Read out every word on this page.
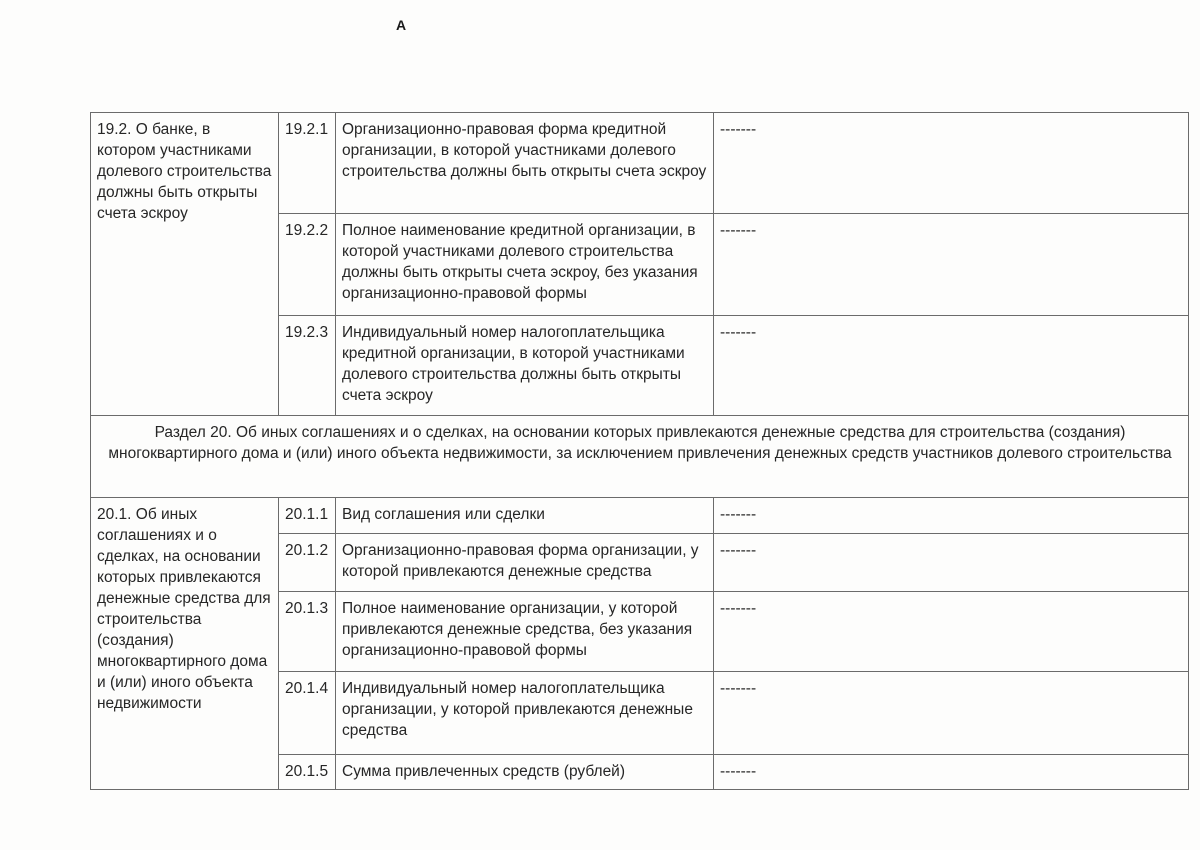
A
19.2. О банке, в котором участниками долевого строительства должны быть открыты счета эскроу	19.2.1	Организационно-правовая форма кредитной организации, в которой участниками долевого строительства должны быть открыты счета эскроу	-------
	19.2.2	Полное наименование кредитной организации, в которой участниками долевого строительства должны быть открыты счета эскроу, без указания организационно-правовой формы	-------
	19.2.3	Индивидуальный номер налогоплательщика кредитной организации, в которой участниками долевого строительства должны быть открыты счета эскроу	-------
Раздел 20. Об иных соглашениях и о сделках, на основании которых привлекаются денежные средства для строительства (создания) многоквартирного дома и (или) иного объекта недвижимости, за исключением привлечения денежных средств участников долевого строительства			
20.1. Об иных соглашениях и о сделках, на основании которых привлекаются денежные средства для строительства (создания) многоквартирного дома и (или) иного объекта недвижимости	20.1.1	Вид соглашения или сделки	-------
	20.1.2	Организационно-правовая форма организации, у которой привлекаются денежные средства	-------
	20.1.3	Полное наименование организации, у которой привлекаются денежные средства, без указания организационно-правовой формы	-------
	20.1.4	Индивидуальный номер налогоплательщика организации, у которой привлекаются денежные средства	-------
	20.1.5	Сумма привлеченных средств (рублей)	-------
